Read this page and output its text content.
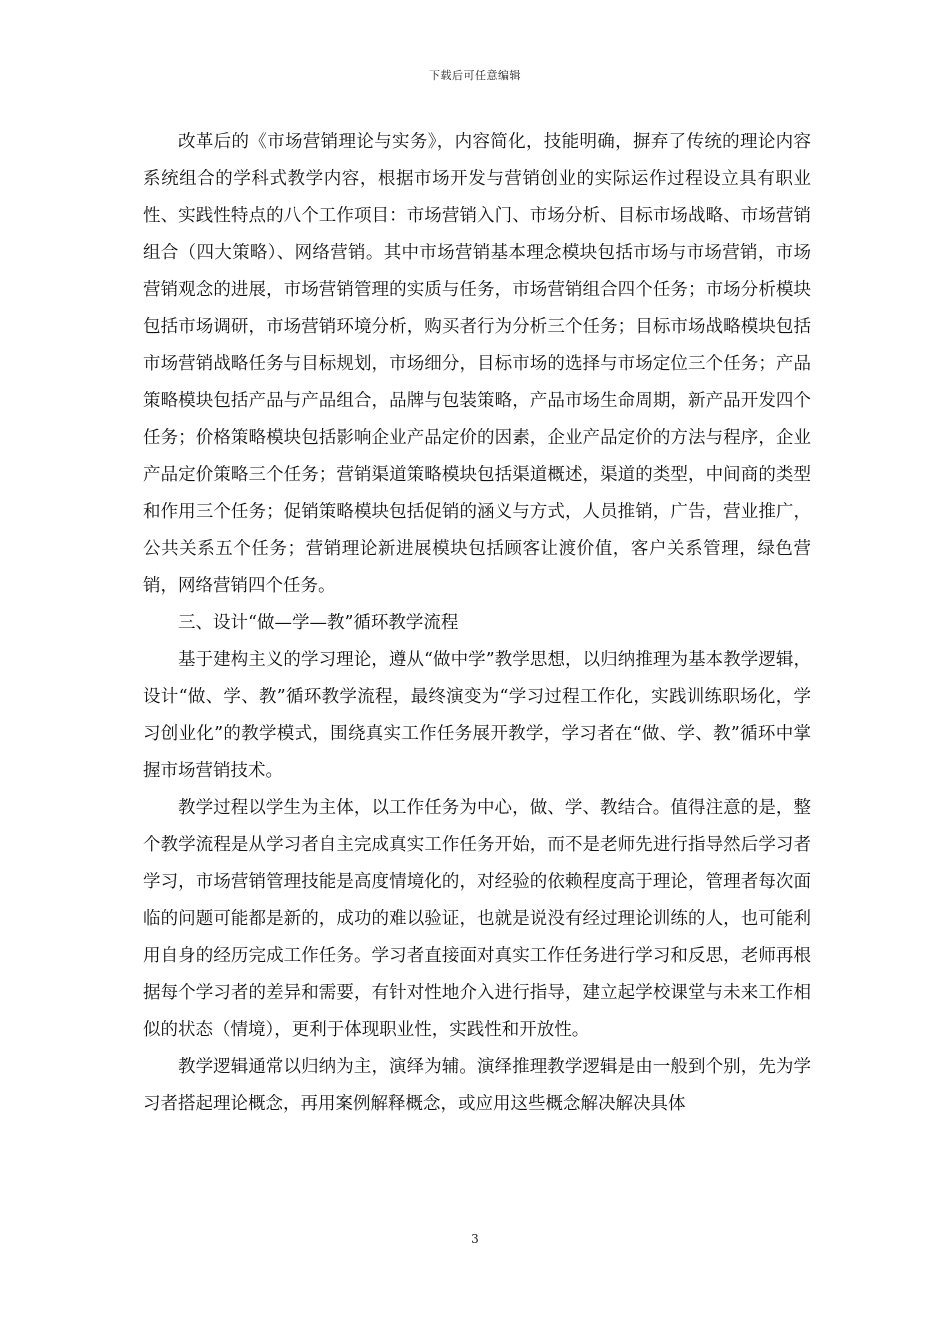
下载后可任意编辑

改革后的《市场营销理论与实务》，内容简化，技能明确，摒弃了传统的理论内容系统组合的学科式教学内容，根据市场开发与营销创业的实际运作过程设立具有职业性、实践性特点的八个工作项目：市场营销入门、市场分析、目标市场战略、市场营销组合（四大策略）、网络营销。其中市场营销基本理念模块包括市场与市场营销，市场营销观念的进展，市场营销管理的实质与任务，市场营销组合四个任务；市场分析模块包括市场调研，市场营销环境分析，购买者行为分析三个任务；目标市场战略模块包括市场营销战略任务与目标规划，市场细分，目标市场的选择与市场定位三个任务；产品策略模块包括产品与产品组合，品牌与包装策略，产品市场生命周期，新产品开发四个任务；价格策略模块包括影响企业产品定价的因素，企业产品定价的方法与程序，企业产品定价策略三个任务；营销渠道策略模块包括渠道概述，渠道的类型，中间商的类型和作用三个任务；促销策略模块包括促销的涵义与方式，人员推销，广告，营业推广，公共关系五个任务；营销理论新进展模块包括顾客让渡价值，客户关系管理，绿色营销，网络营销四个任务。

三、设计“做—学—教”循环教学流程

基于建构主义的学习理论，遵从“做中学”教学思想，以归纳推理为基本教学逻辑，设计“做、学、教”循环教学流程，最终演变为“学习过程工作化，实践训练职场化，学习创业化”的教学模式，围绕真实工作任务展开教学，学习者在“做、学、教”循环中掌握市场营销技术。

教学过程以学生为主体，以工作任务为中心，做、学、教结合。值得注意的是，整个教学流程是从学习者自主完成真实工作任务开始，而不是老师先进行指导然后学习者学习，市场营销管理技能是高度情境化的，对经验的依赖程度高于理论，管理者每次面临的问题可能都是新的，成功的难以验证，也就是说没有经过理论训练的人，也可能利用自身的经历完成工作任务。学习者直接面对真实工作任务进行学习和反思，老师再根据每个学习者的差异和需要，有针对性地介入进行指导，建立起学校课堂与未来工作相似的状态（情境），更利于体现职业性，实践性和开放性。

教学逻辑通常以归纳为主，演绎为辅。演绎推理教学逻辑是由一般到个别，先为学习者搭起理论概念，再用案例解释概念，或应用这些概念解决解决具体

3
